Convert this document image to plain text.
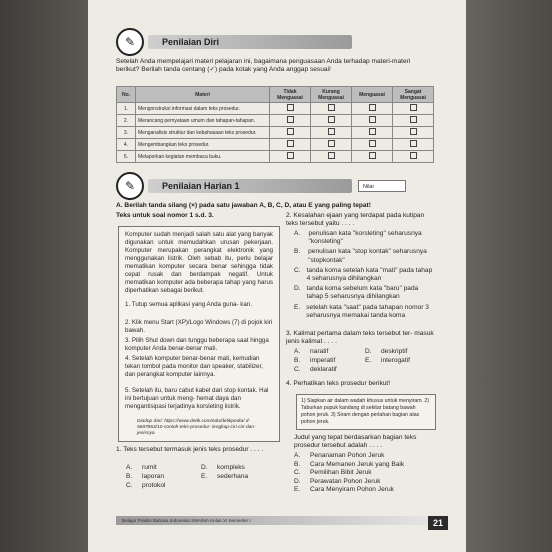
✎	Penilaian Diri
Setelah Anda mempelajari materi pelajaran ini, bagaimana penguasaan Anda terhadap materi-materi berikut? Berilah tanda centang (✓) pada kotak yang Anda anggap sesuai!
No.	Materi	Tidak Menguasai	Kurang Menguasai	Menguasai	Sangat Menguasai
1.	Mengonstruksi informasi dalam teks prosedur.				
2.	Merancang pernyataan umum dan tahapan-tahapan.				
3.	Menganalisis struktur dan kebahasaan teks prosedur.				
4.	Mengembangkan teks prosedur.				
5.	Melaporkan kegiatan membaca buku.				
✎	Penilaian Harian 1	Nilai
A. Berilah tanda silang (×) pada satu jawaban A, B, C, D, atau E yang paling tepat!
Teks untuk soal nomor 1 s.d. 3.
Komputer sudah menjadi salah satu alat yang banyak digunakan untuk memudahkan urusan pekerjaan. Komputer merupakan perangkat elektronik yang menggunakan listrik. Oleh sebab itu, perlu belajar mematikan komputer secara benar sehingga tidak cepat rusak dan berdampak negatif. Untuk mematikan komputer ada beberapa tahap yang harus diperhatikan sebagai berikut.
1. Tutup semua aplikasi yang Anda guna- kan.
2. Klik menu Start (XP)/Logo Windows (7) di pojok kiri bawah.
3. Pilih Shut down dan tunggu beberapa saat hingga komputer Anda benar-benar mati.
4. Setelah komputer benar-benar mati, kemudian tekan tombol pada monitor dan speaker, stabilizer, dan perangkat komputer lainnya.
5. Setelah itu, baru cabut kabel dari stop kontak. Hal ini bertujuan untuk meng- hemat daya dan mengantisipasi terjadinya korsleting listrik.
Diadop dari: https://www.detik.com/edu/detikpedia/ d-5687863/10-contoh-teks-prosedur- lengkap-ciri-ciri-dan-jenisnya
1. Teks tersebut termasuk jenis teks prosedur . . . .
A.	rumit	D.	kompleks
B.	laporan	E.	sederhana
C.	protokol
2. Kesalahan ejaan yang terdapat pada kutipan teks tersebut yaitu . . . .
A.	penulisan kata "korsleting" seharusnya "konsleting"
B. penulisan kata "stop kontak" seharusnya "stopkontak"
C. tanda koma setelah kata "mati" pada tahap 4 seharusnya dihilangkan
D. tanda koma sebelum kata "baru" pada tahap 5 seharusnya dihilangkan
E. setelah kata "saat" pada tahapan nomor 3 seharusnya memakai tanda koma
3. Kalimat pertama dalam teks tersebut ter- masuk jenis kalimat . . . .
A.	naratif	D.	deskriptif
B.	imperatif	E.	interogatif
C.	deklaratif
4. Perhatikan teks prosedur berikut!
1) Siapkan air dalam wadah khusus untuk menyiram. 2) Taburkan pupuk kandang di sekitar batang bawah pohon jeruk. 3) Siram dengan perlahan bagian atas pohon jeruk.
Judul yang tepat berdasarkan bagian teks prosedur tersebut adalah . . . .
A.	Penanaman Pohon Jeruk
B.	Cara Memanen Jeruk yang Baik
C.	Pemilihan Bibit Jeruk
D.	Perawatan Pohon Jeruk
E.	Cara Menyiram Pohon Jeruk
Belajar Praktis Bahasa Indonesia SMA/MA Kelas XI Semester I	21
